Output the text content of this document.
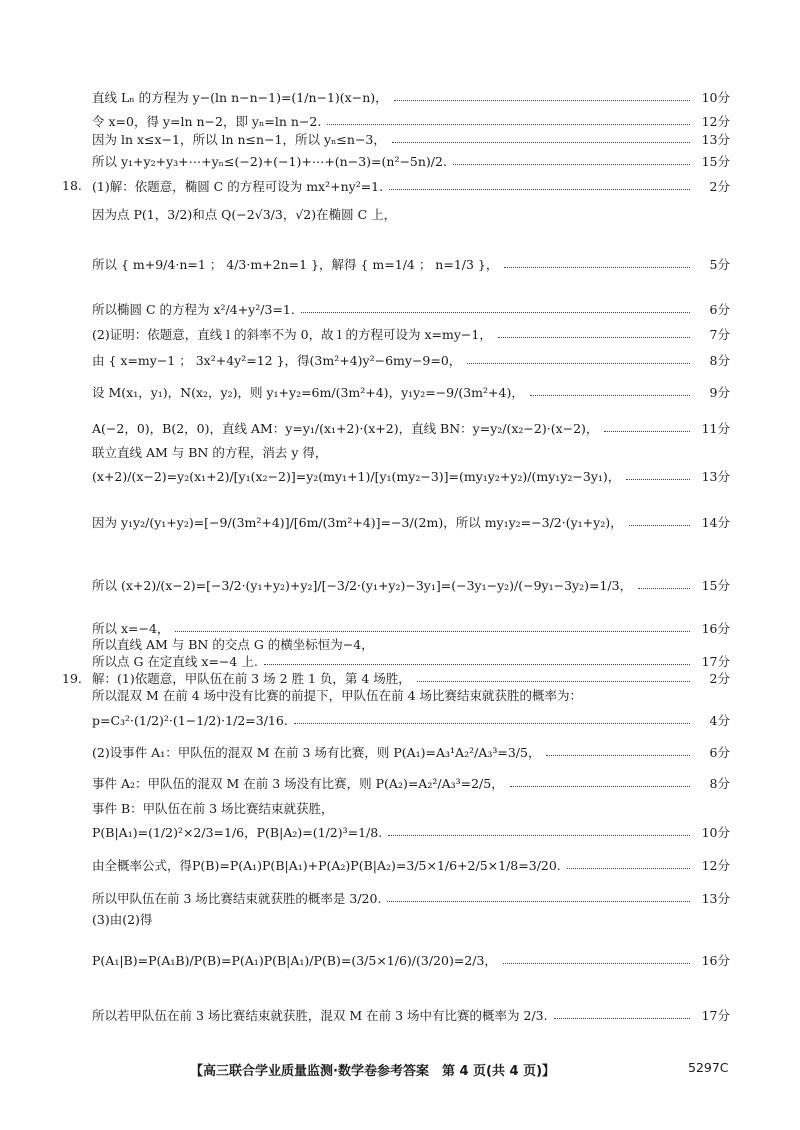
直线 Lₙ 的方程为 y−(ln n−n−1)=(1/n−1)(x−n)，	10分
令 x=0，得 y=ln n−2，即 yₙ=ln n−2.	12分
因为 ln x≤x−1，所以 ln n≤n−1，所以 yₙ≤n−3，	13分
所以 y₁+y₂+y₃+⋯+yₙ≤(−2)+(−1)+⋯+(n−3)=(n²−5n)/2.	15分
18. (1)解：依题意，椭圆 C 的方程可设为 mx²+ny²=1.	2分
因为点 P(1，3/2)和点 Q(−2√3/3，√2)在椭圆 C 上，
所以 { m+9/4·n=1 ； 4/3·m+2n=1 }，解得 { m=1/4 ； n=1/3 }，	5分
所以椭圆 C 的方程为 x²/4+y²/3=1.	6分
(2)证明：依题意，直线 l 的斜率不为 0，故 l 的方程可设为 x=my−1，	7分
由 { x=my−1 ； 3x²+4y²=12 }，得(3m²+4)y²−6my−9=0，	8分
设 M(x₁，y₁)，N(x₂，y₂)，则 y₁+y₂=6m/(3m²+4)，y₁y₂=−9/(3m²+4)，	9分
A(−2，0)，B(2，0)，直线 AM：y=y₁/(x₁+2)·(x+2)，直线 BN：y=y₂/(x₂−2)·(x−2)，	11分
联立直线 AM 与 BN 的方程，消去 y 得，
(x+2)/(x−2)=y₂(x₁+2)/[y₁(x₂−2)]=y₂(my₁+1)/[y₁(my₂−3)]=(my₁y₂+y₂)/(my₁y₂−3y₁)，	13分
因为 y₁y₂/(y₁+y₂)=[−9/(3m²+4)]/[6m/(3m²+4)]=−3/(2m)，所以 my₁y₂=−3/2·(y₁+y₂)，	14分
所以 (x+2)/(x−2)=[−3/2·(y₁+y₂)+y₂]/[−3/2·(y₁+y₂)−3y₁]=(−3y₁−y₂)/(−9y₁−3y₂)=1/3，	15分
所以 x=−4，	16分
所以直线 AM 与 BN 的交点 G 的横坐标恒为−4，
所以点 G 在定直线 x=−4 上.	17分
19. 解：(1)依题意，甲队伍在前 3 场 2 胜 1 负，第 4 场胜，	2分
所以混双 M 在前 4 场中没有比赛的前提下，甲队伍在前 4 场比赛结束就获胜的概率为：
p=C₃²·(1/2)²·(1−1/2)·1/2=3/16.	4分
(2)设事件 A₁：甲队伍的混双 M 在前 3 场有比赛，则 P(A₁)=A₃¹A₂²/A₃³=3/5，	6分
事件 A₂：甲队伍的混双 M 在前 3 场没有比赛，则 P(A₂)=A₂²/A₃³=2/5，	8分
事件 B：甲队伍在前 3 场比赛结束就获胜，
P(B|A₁)=(1/2)²×2/3=1/6，P(B|A₂)=(1/2)³=1/8.	10分
由全概率公式，得P(B)=P(A₁)P(B|A₁)+P(A₂)P(B|A₂)=3/5×1/6+2/5×1/8=3/20.	12分
所以甲队伍在前 3 场比赛结束就获胜的概率是 3/20.	13分
(3)由(2)得
P(A₁|B)=P(A₁B)/P(B)=P(A₁)P(B|A₁)/P(B)=(3/5×1/6)/(3/20)=2/3，	16分
所以若甲队伍在前 3 场比赛结束就获胜，混双 M 在前 3 场中有比赛的概率为 2/3.	17分
【高三联合学业质量监测·数学卷参考答案　第 4 页(共 4 页)】	5297C
